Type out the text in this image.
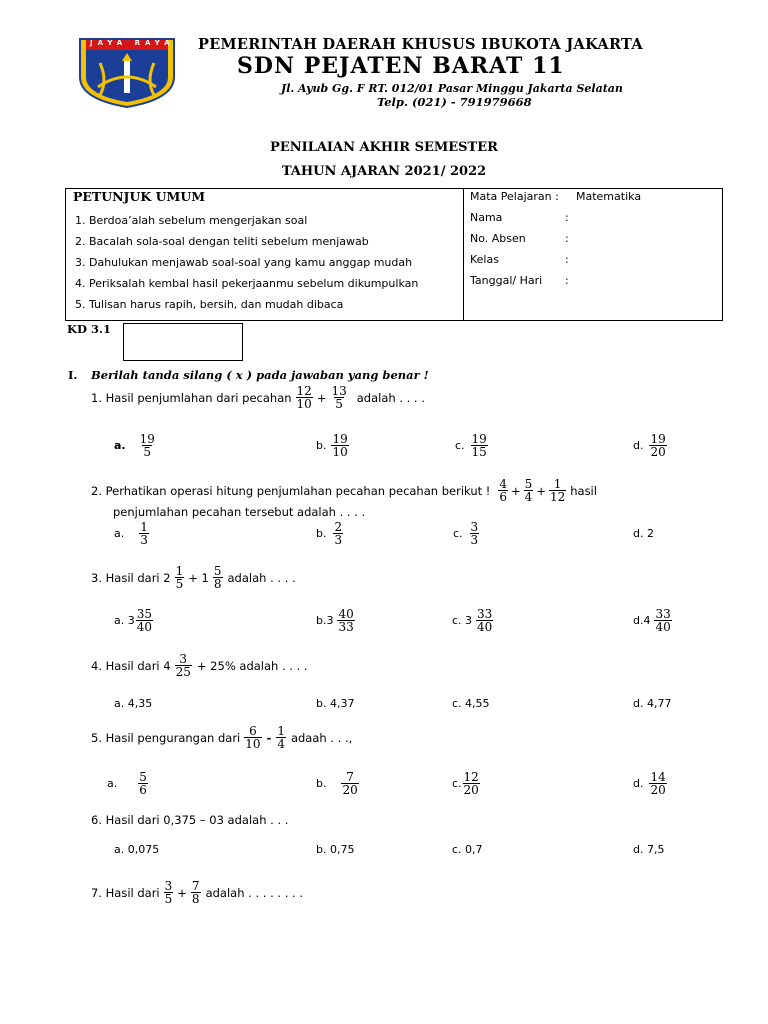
JAYA RAYA PEMERINTAH DAERAH KHUSUS IBUKOTA JAKARTA
SDN PEJATEN BARAT 11
Jl. Ayub Gg. F RT. 012/01 Pasar Minggu Jakarta Selatan
Telp. (021) - 791979668
PENILAIAN AKHIR SEMESTER
TAHUN AJARAN 2021/ 2022
PETUNJUK UMUM
1. Berdoa’alah sebelum mengerjakan soal
2. Bacalah sola-soal dengan teliti sebelum menjawab
3. Dahulukan menjawab soal-soal yang kamu anggap mudah
4. Periksalah kembal hasil pekerjaanmu sebelum dikumpulkan
5. Tulisan harus rapih, bersih, dan mudah dibaca
Mata Pelajaran : Matematika
Nama	:
No. Absen	:
Kelas	:
Tanggal/ Hari :
KD 3.1
I. Berilah tanda silang ( x ) pada jawaban yang benar !
1. Hasil penjumlahan dari pecahan $\frac{12}{10} + \frac{13}{5}$ adalah . . . .
a. $\frac{19}{5}$	b. $\frac{19}{10}$	c. $\frac{19}{15}$	d. $\frac{19}{20}$
2. Perhatikan operasi hitung penjumlahan pecahan pecahan berikut ! $\frac{4}{6} + \frac{5}{4} + \frac{1}{12}$ hasil
penjumlahan pecahan tersebut adalah . . . .
a. $\frac{1}{3}$	b. $\frac{2}{3}$	c. $\frac{3}{3}$	d. 2
3. Hasil dari $2 \frac{1}{5} + 1 \frac{5}{8}$ adalah . . . .
a. $3 \frac{35}{40}$	$b.3 \frac{40}{33}$	c. $3 \frac{33}{40}$	$d.4 \frac{33}{40}$
4. Hasil dari $4 \frac{3}{25} + 25\%$ adalah . . . .
a. 4,35	b. 4,37	c. 4,55	d. 4,77
5. Hasil pengurangan dari $\frac{6}{10} - \frac{1}{4}$ adaah . . .,
a. $\frac{5}{6}$	b. $\frac{7}{20}$	c. $\frac{12}{20}$	d. $\frac{14}{20}$
6. Hasil dari 0,375 – 03 adalah . . .
a. 0,075	b. 0,75	c. 0,7	d. 7,5
7. Hasil dari $\frac{3}{5} + \frac{7}{8}$ adalah . . . . . . . .
